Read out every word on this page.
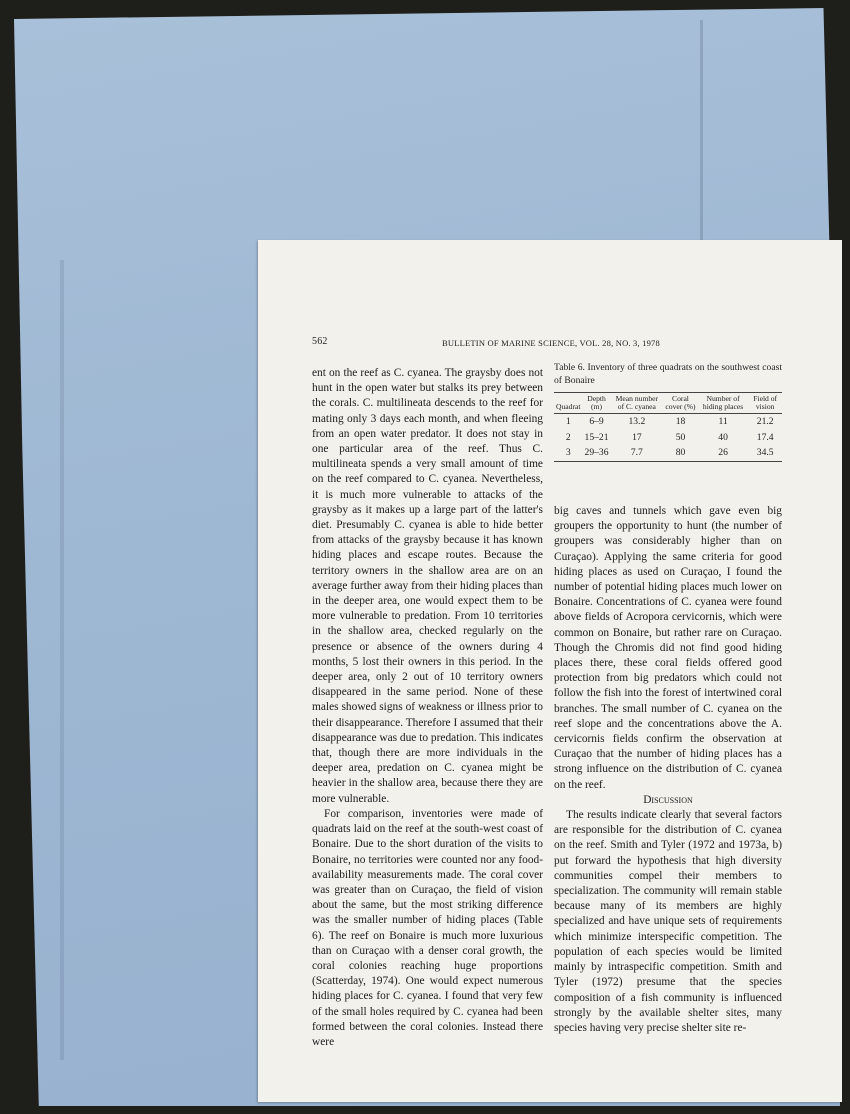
562	BULLETIN OF MARINE SCIENCE, VOL. 28, NO. 3, 1978

ent on the reef as C. cyanea. The graysby does not hunt in the open water but stalks its prey between the corals. C. multilineata descends to the reef for mating only 3 days each month, and when fleeing from an open water predator. It does not stay in one particular area of the reef. Thus C. multilineata spends a very small amount of time on the reef compared to C. cyanea. Nevertheless, it is much more vulnerable to attacks of the graysby as it makes up a large part of the latter's diet. Presumably C. cyanea is able to hide better from attacks of the graysby because it has known hiding places and escape routes. Because the territory owners in the shallow area are on an average further away from their hiding places than in the deeper area, one would expect them to be more vulnerable to predation. From 10 territories in the shallow area, checked regularly on the presence or absence of the owners during 4 months, 5 lost their owners in this period. In the deeper area, only 2 out of 10 territory owners disappeared in the same period. None of these males showed signs of weakness or illness prior to their disappearance. Therefore I assumed that their disappearance was due to predation. This indicates that, though there are more individuals in the deeper area, predation on C. cyanea might be heavier in the shallow area, because there they are more vulnerable.

For comparison, inventories were made of quadrats laid on the reef at the south-west coast of Bonaire. Due to the short duration of the visits to Bonaire, no territories were counted nor any food-availability measurements made. The coral cover was greater than on Curaçao, the field of vision about the same, but the most striking difference was the smaller number of hiding places (Table 6). The reef on Bonaire is much more luxurious than on Curaçao with a denser coral growth, the coral colonies reaching huge proportions (Scatterday, 1974). One would expect numerous hiding places for C. cyanea. I found that very few of the small holes required by C. cyanea had been formed between the coral colonies. Instead there were

Table 6. Inventory of three quadrats on the southwest coast of Bonaire
Quadrat	Depth (m)	Mean number of C. cyanea	Coral cover (%)	Number of hiding places	Field of vision
1	6–9	13.2	18	11	21.2
2	15–21	17	50	40	17.4
3	29–36	7.7	80	26	34.5

big caves and tunnels which gave even big groupers the opportunity to hunt (the number of groupers was considerably higher than on Curaçao). Applying the same criteria for good hiding places as used on Curaçao, I found the number of potential hiding places much lower on Bonaire. Concentrations of C. cyanea were found above fields of Acropora cervicornis, which were common on Bonaire, but rather rare on Curaçao. Though the Chromis did not find good hiding places there, these coral fields offered good protection from big predators which could not follow the fish into the forest of intertwined coral branches. The small number of C. cyanea on the reef slope and the concentrations above the A. cervicornis fields confirm the observation at Curaçao that the number of hiding places has a strong influence on the distribution of C. cyanea on the reef.

Discussion

The results indicate clearly that several factors are responsible for the distribution of C. cyanea on the reef. Smith and Tyler (1972 and 1973a, b) put forward the hypothesis that high diversity communities compel their members to specialization. The community will remain stable because many of its members are highly specialized and have unique sets of requirements which minimize interspecific competition. The population of each species would be limited mainly by intraspecific competition. Smith and Tyler (1972) presume that the species composition of a fish community is influenced strongly by the available shelter sites, many species having very precise shelter site re-
